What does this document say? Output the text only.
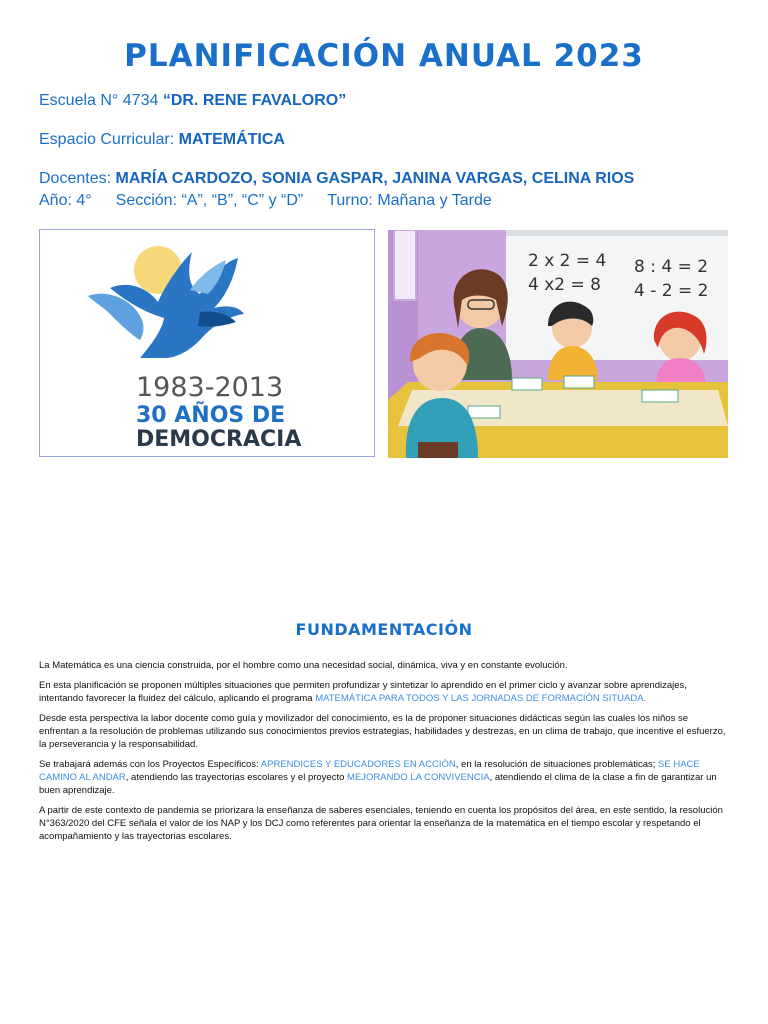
PLANIFICACIÓN ANUAL 2023
Escuela N° 4734 “DR. RENE FAVALORO”
Espacio Curricular: MATEMÁTICA
Docentes: MARÍA CARDOZO, SONIA GASPAR, JANINA VARGAS, CELINA RIOS
Año: 4° Sección: “A”, “B”, “C” y “D” Turno: Mañana y Tarde
1983-2013
30 AÑOS DE
DEMOCRACIA
2 x 2 = 4
4 x2 = 8
8 : 4 = 2
4 - 2 = 2
FUNDAMENTACIÓN

La Matemática es una ciencia construida, por el hombre como una necesidad social, dinámica, viva y en constante evolución.

En esta planificación se proponen múltiples situaciones que permiten profundizar y sintetizar lo aprendido en el primer ciclo y avanzar sobre aprendizajes, intentando favorecer la fluidez del cálculo, aplicando el programa MATEMÁTICA PARA TODOS Y LAS JORNADAS DE FORMACIÓN SITUADA.

Desde esta perspectiva la labor docente como guía y movilizador del conocimiento, es la de proponer situaciones didácticas según las cuales los niños se enfrentan a la resolución de problemas utilizando sus conocimientos previos estrategias, habilidades y destrezas, en un clima de trabajo, que incentive el esfuerzo, la perseverancia y la responsabilidad.

Se trabajará además con los Proyectos Específicos: APRENDICES Y EDUCADORES EN ACCIÓN, en la resolución de situaciones problemáticas; SE HACE CAMINO AL ANDAR, atendiendo las trayectorias escolares y el proyecto MEJORANDO LA CONVIVENCIA, atendiendo el clima de la clase a fin de garantizar un buen aprendizaje.

A partir de este contexto de pandemia se priorizara la enseñanza de saberes esenciales, teniendo en cuenta los propósitos del área, en este sentido, la resolución N°363/2020 del CFE señala el valor de los NAP y los DCJ como referentes para orientar la enseñanza de la matemática en el tiempo escolar y respetando el acompañamiento y las trayectorias escolares.
